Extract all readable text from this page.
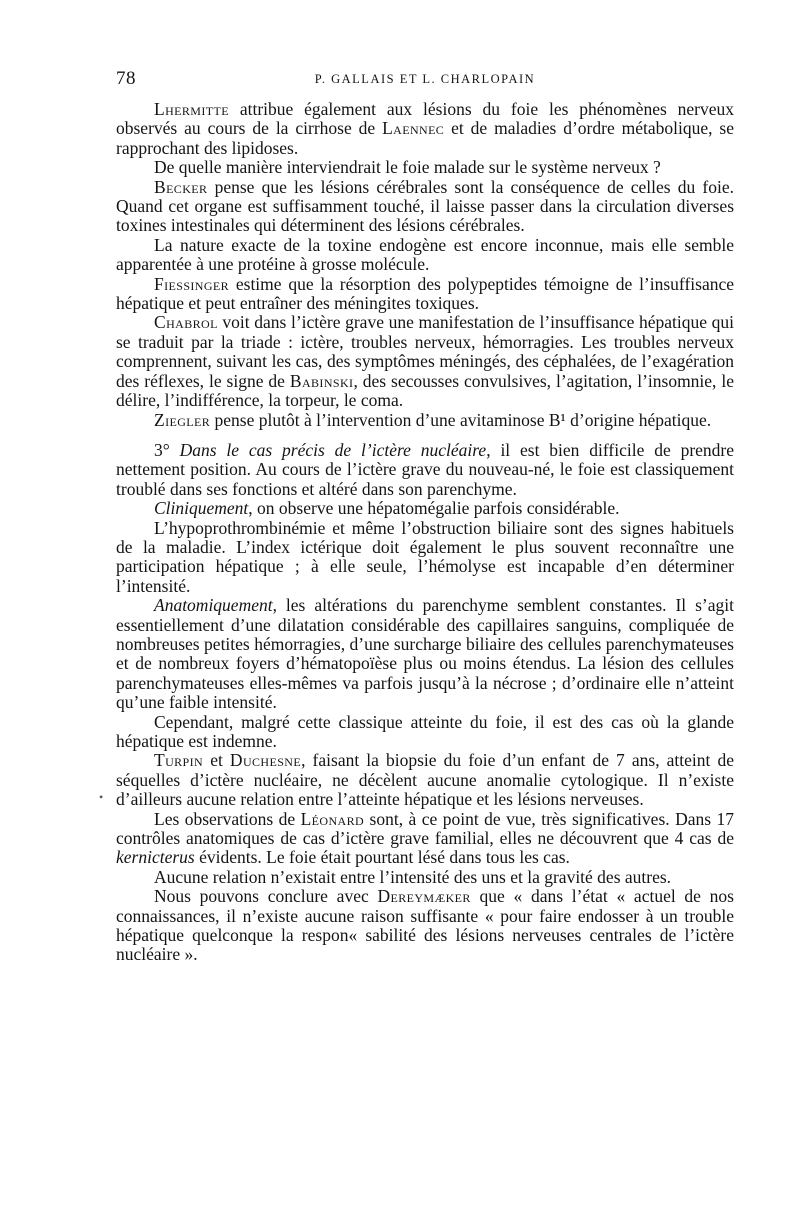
78	P. GALLAIS ET L. CHARLOPAIN
•

Lhermitte attribue également aux lésions du foie les phénomènes nerveux observés au cours de la cirrhose de Laennec et de maladies d’ordre métabolique, se rapprochant des lipidoses.

De quelle manière interviendrait le foie malade sur le système nerveux ?

Becker pense que les lésions cérébrales sont la conséquence de celles du foie. Quand cet organe est suffisamment touché, il laisse passer dans la circulation diverses toxines intestinales qui déterminent des lésions cérébrales.

La nature exacte de la toxine endogène est encore inconnue, mais elle semble apparentée à une protéine à grosse molécule.

Fiessinger estime que la résorption des polypeptides témoigne de l’insuffisance hépatique et peut entraîner des méningites toxiques.

Chabrol voit dans l’ictère grave une manifestation de l’insuffisance hépatique qui se traduit par la triade : ictère, troubles nerveux, hémorragies. Les troubles nerveux comprennent, suivant les cas, des symptômes méningés, des céphalées, de l’exagération des réflexes, le signe de Babinski, des secousses convulsives, l’agitation, l’insomnie, le délire, l’indifférence, la torpeur, le coma.

Ziegler pense plutôt à l’intervention d’une avitaminose B¹ d’origine hépatique.

3° Dans le cas précis de l’ictère nucléaire, il est bien difficile de prendre nettement position. Au cours de l’ictère grave du nouveau-né, le foie est classiquement troublé dans ses fonctions et altéré dans son parenchyme.

Cliniquement, on observe une hépatomégalie parfois considérable.

L’hypoprothrombinémie et même l’obstruction biliaire sont des signes habituels de la maladie. L’index ictérique doit également le plus souvent reconnaître une participation hépatique ; à elle seule, l’hémolyse est incapable d’en déterminer l’intensité.

Anatomiquement, les altérations du parenchyme semblent constantes. Il s’agit essentiellement d’une dilatation considérable des capillaires sanguins, compliquée de nombreuses petites hémorragies, d’une surcharge biliaire des cellules parenchymateuses et de nombreux foyers d’hématopoïèse plus ou moins étendus. La lésion des cellules parenchymateuses elles-mêmes va parfois jusqu’à la nécrose ; d’ordinaire elle n’atteint qu’une faible intensité.

Cependant, malgré cette classique atteinte du foie, il est des cas où la glande hépatique est indemne.

Turpin et Duchesne, faisant la biopsie du foie d’un enfant de 7 ans, atteint de séquelles d’ictère nucléaire, ne décèlent aucune anomalie cytologique. Il n’existe d’ailleurs aucune relation entre l’atteinte hépatique et les lésions nerveuses.

Les observations de Léonard sont, à ce point de vue, très significatives. Dans 17 contrôles anatomiques de cas d’ictère grave familial, elles ne découvrent que 4 cas de kernicterus évidents. Le foie était pourtant lésé dans tous les cas.

Aucune relation n’existait entre l’intensité des uns et la gravité des autres.

Nous pouvons conclure avec Dereymæker que « dans l’état « actuel de nos connaissances, il n’existe aucune raison suffisante « pour faire endosser à un trouble hépatique quelconque la respon« sabilité des lésions nerveuses centrales de l’ictère nucléaire ».
